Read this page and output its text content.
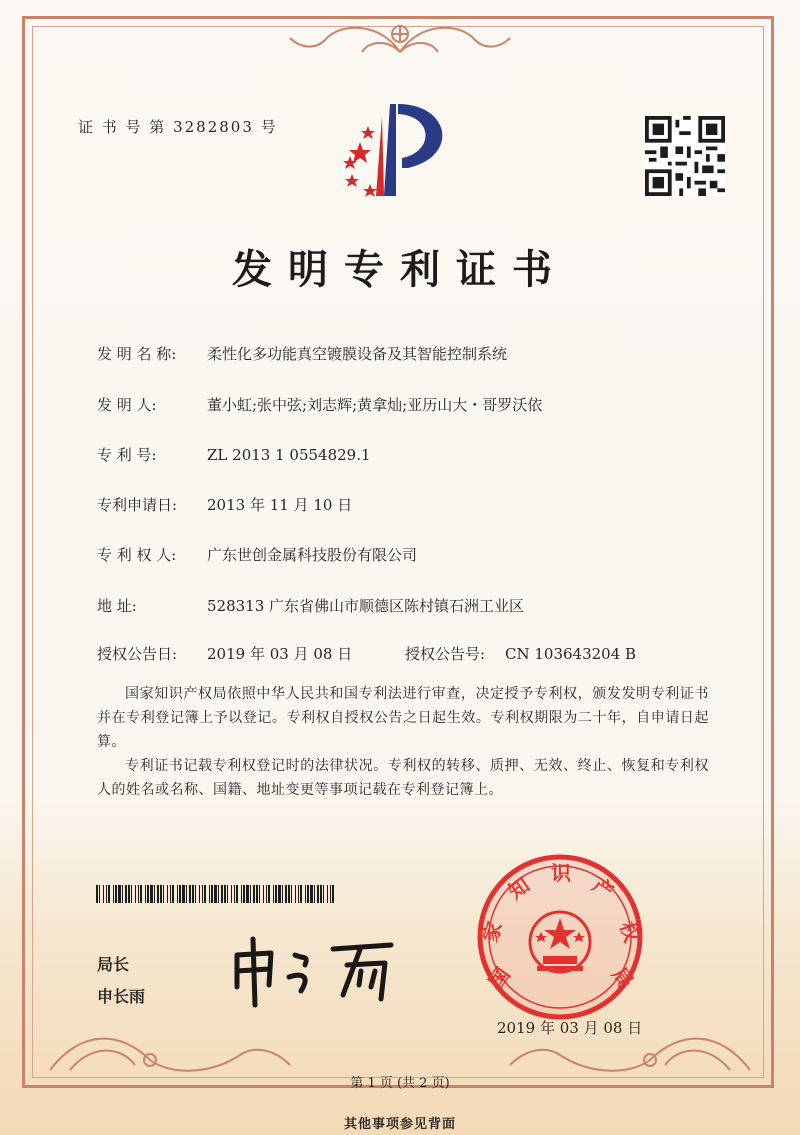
证 书 号 第 3282803 号
发明专利证书
发 明 名 称: 柔性化多功能真空镀膜设备及其智能控制系统
发 明 人:	董小虹;张中弦;刘志辉;黄拿灿;亚历山大・哥罗沃依
专 利 号:	ZL 2013 1 0554829.1
专利申请日: 2013 年 11 月 10 日
专 利 权 人: 广东世创金属科技股份有限公司
地 址:	528313 广东省佛山市顺德区陈村镇石洲工业区
授权公告日: 2019 年 03 月 08 日	授权公告号: CN 103643204 B
国家知识产权局依照中华人民共和国专利法进行审查，决定授予专利权，颁发发明专利证书并在专利登记簿上予以登记。专利权自授权公告之日起生效。专利权期限为二十年，自申请日起算。
专利证书记载专利权登记时的法律状况。专利权的转移、质押、无效、终止、恢复和专利权人的姓名或名称、国籍、地址变更等事项记载在专利登记簿上。
局长
申长雨
国
家
知 识 产
权
局
2019 年 03 月 08 日
第 1 页 (共 2 页)
其他事项参见背面
